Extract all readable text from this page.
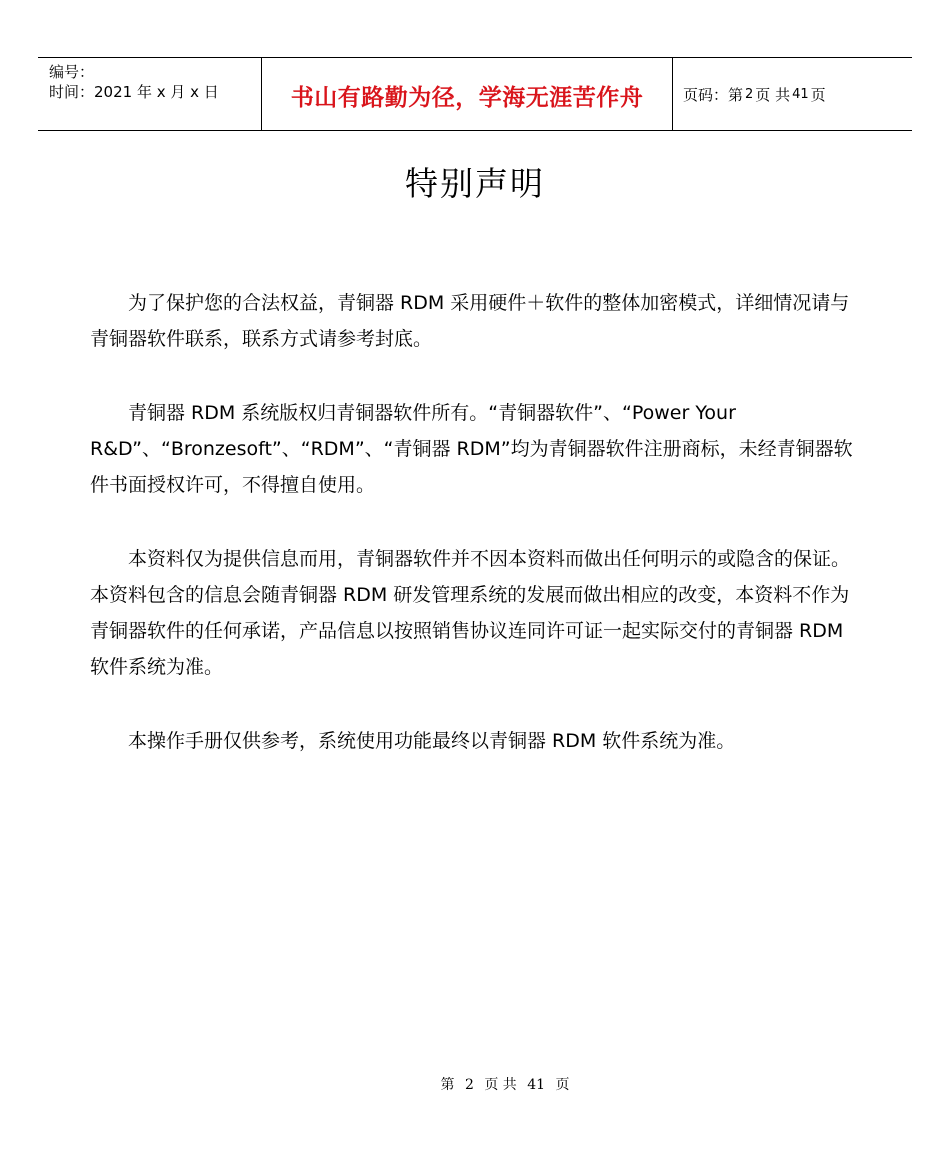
编号：
时间：2021 年 x 月 x 日	书山有路勤为径，学海无涯苦作舟	页码：第 2 页 共 41 页
特别声明

为了保护您的合法权益，青铜器 RDM 采用硬件＋软件的整体加密模式，详细情况请与青铜器软件联系，联系方式请参考封底。

青铜器 RDM 系统版权归青铜器软件所有。“青铜器软件”、“Power Your R&D”、“Bronzesoft”、“RDM”、“青铜器 RDM”均为青铜器软件注册商标，未经青铜器软件书面授权许可，不得擅自使用。

本资料仅为提供信息而用，青铜器软件并不因本资料而做出任何明示的或隐含的保证。本资料包含的信息会随青铜器 RDM 研发管理系统的发展而做出相应的改变，本资料不作为青铜器软件的任何承诺，产品信息以按照销售协议连同许可证一起实际交付的青铜器 RDM 软件系统为准。

本操作手册仅供参考，系统使用功能最终以青铜器 RDM 软件系统为准。

第 2 页 共 41 页
